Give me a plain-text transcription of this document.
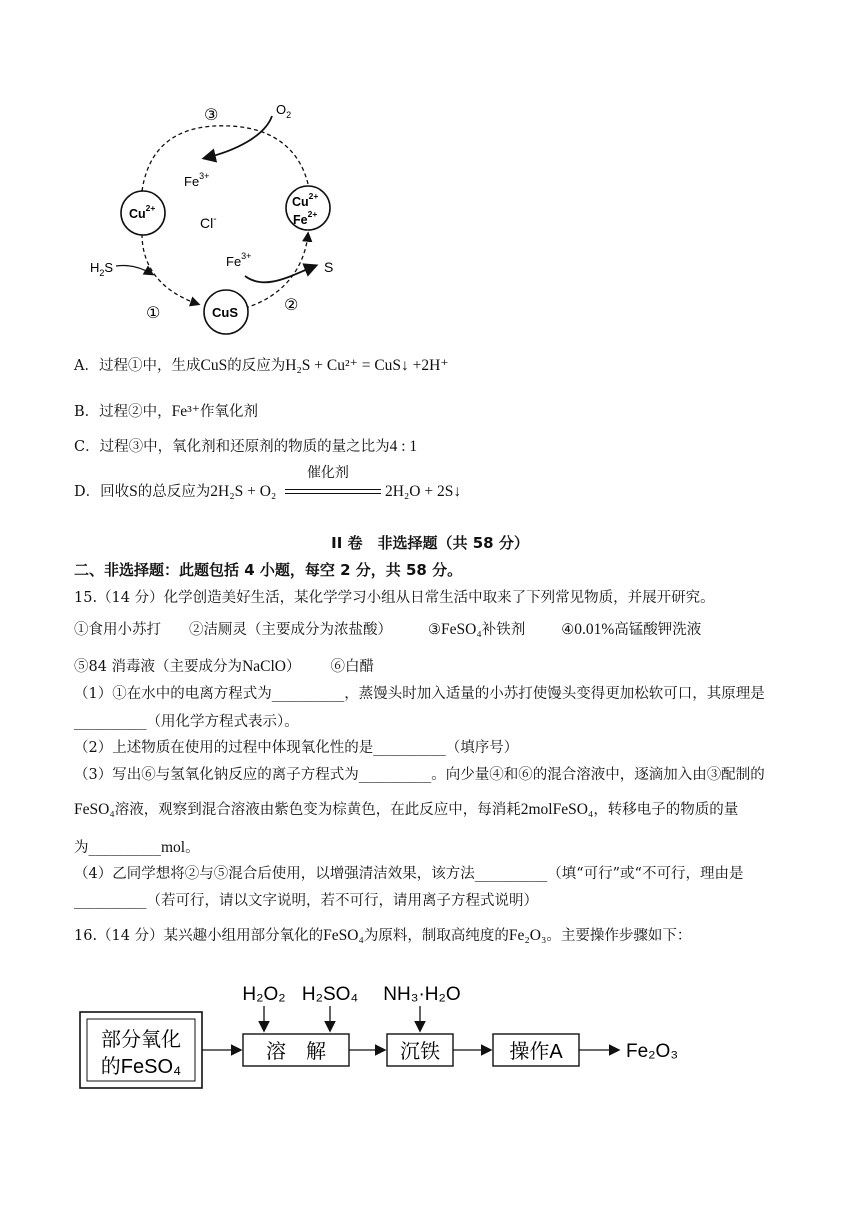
③	$O_2$
$Fe^{3+}$
$Cu^{2+}$
Cl-
$Cu^{2+}$
$Fe^{2+}$
$H_2S$	$Fe^{3+}$
S
①	CuS	②
A．过程①中，生成CuS的反应为H₂S + Cu²⁺ = CuS↓ +2H⁺
B．过程②中，Fe³⁺作氧化剂
C．过程③中，氧化剂和还原剂的物质的量之比为4 : 1
D．回收S的总反应为2H₂S + O₂
催化剂
2H₂O + 2S↓
II 卷　非选择题（共 58 分）
二、非选择题：此题包括 4 小题，每空 2 分，共 58 分。
15.（14 分）化学创造美好生活，某化学学习小组从日常生活中取来了下列常见物质，并展开研究。
①食用小苏打 ②洁厕灵（主要成分为浓盐酸） ③FeSO₄补铁剂 ④0.01%高锰酸钾洗液
⑤84 消毒液（主要成分为NaClO） ⑥白醋
（1）①在水中的电离方程式为__________，蒸馒头时加入适量的小苏打使馒头变得更加松软可口，其原理是
__________（用化学方程式表示）。
（2）上述物质在使用的过程中体现氧化性的是__________（填序号）
（3）写出⑥与氢氧化钠反应的离子方程式为__________。向少量④和⑥的混合溶液中，逐滴加入由③配制的
FeSO₄溶液，观察到混合溶液由紫色变为棕黄色，在此反应中，每消耗2molFeSO₄，转移电子的物质的量
为__________mol。
（4）乙同学想将②与⑤混合后使用，以增强清洁效果，该方法__________（填“可行”或“不可行，理由是
__________（若可行，请以文字说明，若不可行，请用离子方程式说明）
16.（14 分）某兴趣小组用部分氧化的FeSO₄为原料，制取高纯度的Fe₂O₃。主要操作步骤如下：
部分氧化
的FeSO₄
溶　解
H₂O₂ H₂SO₄ NH₃·H₂O
沉铁	操作A	Fe₂O₃
